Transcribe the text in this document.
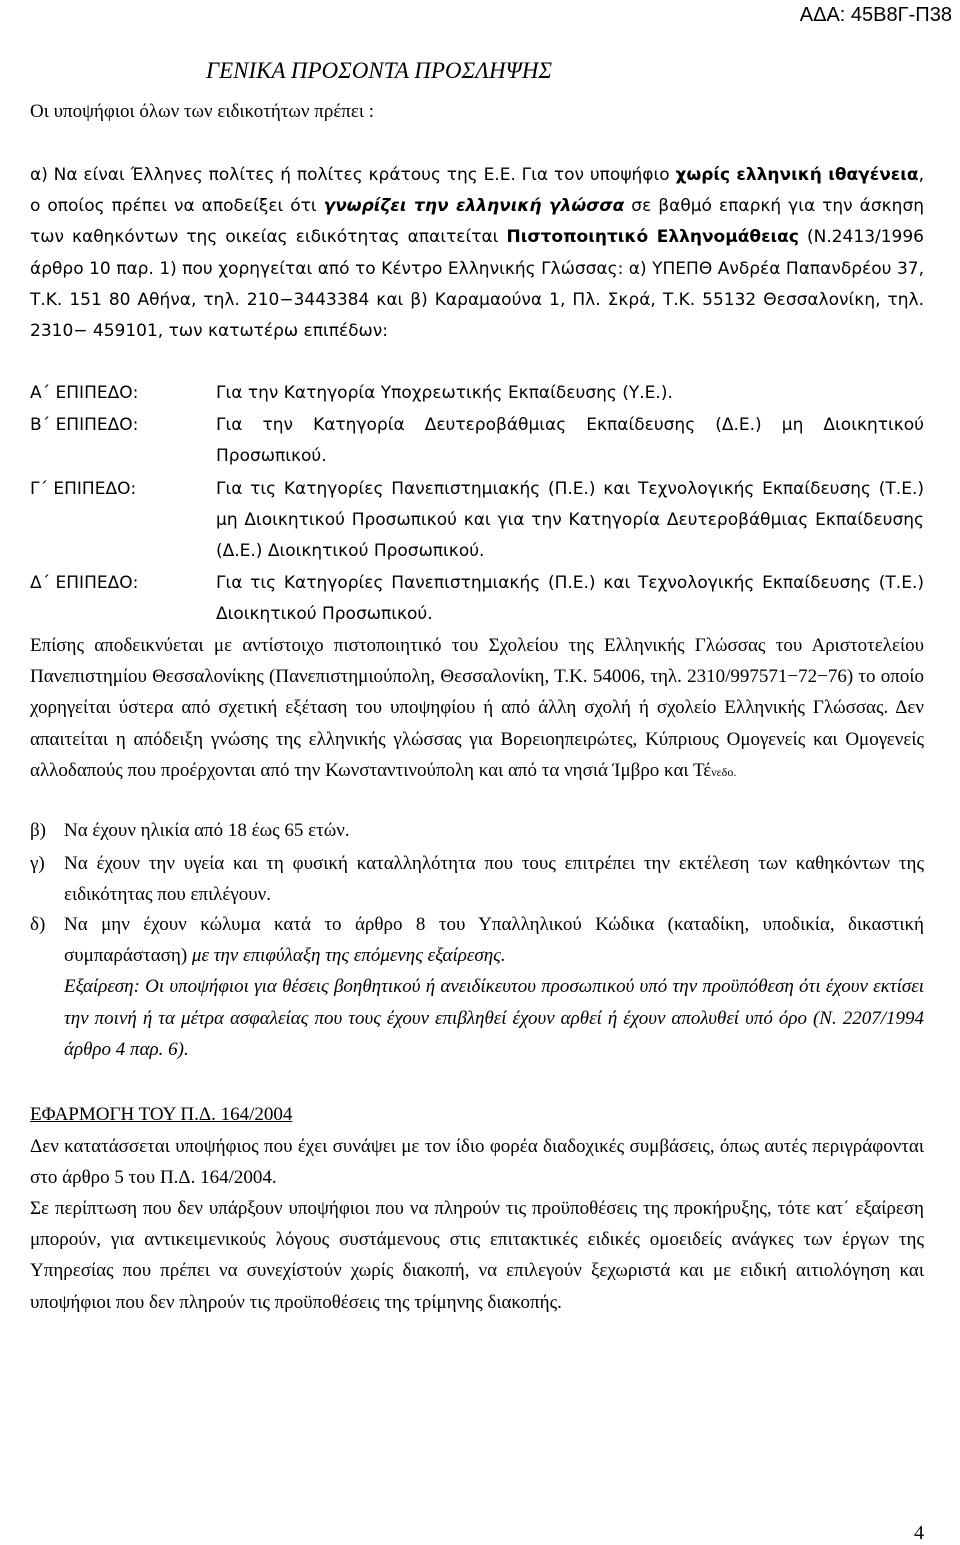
ΑΔΑ: 45Β8Γ-Π38
ΓΕΝΙΚΑ ΠΡΟΣΟΝΤΑ ΠΡΟΣΛΗΨΗΣ
Οι υποψήφιοι όλων των ειδικοτήτων πρέπει :
α) Να είναι Έλληνες πολίτες ή πολίτες κράτους της Ε.Ε. Για τον υποψήφιο χωρίς ελληνική ιθαγένεια, ο οποίος πρέπει να αποδείξει ότι γνωρίζει την ελληνική γλώσσα σε βαθμό επαρκή για την άσκηση των καθηκόντων της οικείας ειδικότητας απαιτείται Πιστοποιητικό Ελληνομάθειας (Ν.2413/1996 άρθρο 10 παρ. 1) που χορηγείται από το Κέντρο Ελληνικής Γλώσσας: α) ΥΠΕΠΘ Ανδρέα Παπανδρέου 37, Τ.Κ. 151 80 Αθήνα, τηλ. 210−3443384 και β) Καραμαούνα 1, Πλ. Σκρά, Τ.Κ. 55132 Θεσσαλονίκη, τηλ. 2310− 459101, των κατωτέρω επιπέδων:
Α΄ ΕΠΙΠΕΔΟ:	Για την Κατηγορία Υποχρεωτικής Εκπαίδευσης (Υ.Ε.).
Β΄ ΕΠΙΠΕΔΟ:	Για την Κατηγορία Δευτεροβάθμιας Εκπαίδευσης (Δ.Ε.) μη Διοικητικού Προσωπικού.
Γ΄ ΕΠΙΠΕΔΟ:	Για τις Κατηγορίες Πανεπιστημιακής (Π.Ε.) και Τεχνολογικής Εκπαίδευσης (Τ.Ε.) μη Διοικητικού Προσωπικού και για την Κατηγορία Δευτεροβάθμιας Εκπαίδευσης (Δ.Ε.) Διοικητικού Προσωπικού.
Δ΄ ΕΠΙΠΕΔΟ:	Για τις Κατηγορίες Πανεπιστημιακής (Π.Ε.) και Τεχνολογικής Εκπαίδευσης (Τ.Ε.) Διοικητικού Προσωπικού.
Επίσης αποδεικνύεται με αντίστοιχο πιστοποιητικό του Σχολείου της Ελληνικής Γλώσσας του Αριστοτελείου Πανεπιστημίου Θεσσαλονίκης (Πανεπιστημιούπολη, Θεσσαλονίκη, Τ.Κ. 54006, τηλ. 2310/997571−72−76) το οποίο χορηγείται ύστερα από σχετική εξέταση του υποψηφίου ή από άλλη σχολή ή σχολείο Ελληνικής Γλώσσας. Δεν απαιτείται η απόδειξη γνώσης της ελληνικής γλώσσας για Βορειοηπειρώτες, Κύπριους Ομογενείς και Ομογενείς αλλοδαπούς που προέρχονται από την Κωνσταντινούπολη και από τα νησιά Ίμβρο και Τένεδο.
β) Να έχουν ηλικία από 18 έως 65 ετών.
γ) Να έχουν την υγεία και τη φυσική καταλληλότητα που τους επιτρέπει την εκτέλεση των καθηκόντων της ειδικότητας που επιλέγουν.
δ) Να μην έχουν κώλυμα κατά το άρθρο 8 του Υπαλληλικού Κώδικα (καταδίκη, υποδικία, δικαστική συμπαράσταση) με την επιφύλαξη της επόμενης εξαίρεσης.
Εξαίρεση: Οι υποψήφιοι για θέσεις βοηθητικού ή ανειδίκευτου προσωπικού υπό την προϋπόθεση ότι έχουν εκτίσει την ποινή ή τα μέτρα ασφαλείας που τους έχουν επιβληθεί έχουν αρθεί ή έχουν απολυθεί υπό όρο (Ν. 2207/1994 άρθρο 4 παρ. 6).
ΕΦΑΡΜΟΓΗ ΤΟΥ Π.Δ. 164/2004
Δεν κατατάσσεται υποψήφιος που έχει συνάψει με τον ίδιο φορέα διαδοχικές συμβάσεις, όπως αυτές περιγράφονται στο άρθρο 5 του Π.Δ. 164/2004.
Σε περίπτωση που δεν υπάρξουν υποψήφιοι που να πληρούν τις προϋποθέσεις της προκήρυξης, τότε κατ΄ εξαίρεση μπορούν, για αντικειμενικούς λόγους συστάμενους στις επιτακτικές ειδικές ομοειδείς ανάγκες των έργων της Υπηρεσίας που πρέπει να συνεχίστούν χωρίς διακοπή, να επιλεγούν ξεχωριστά και με ειδική αιτιολόγηση και υποψήφιοι που δεν πληρούν τις προϋποθέσεις της τρίμηνης διακοπής.
4
